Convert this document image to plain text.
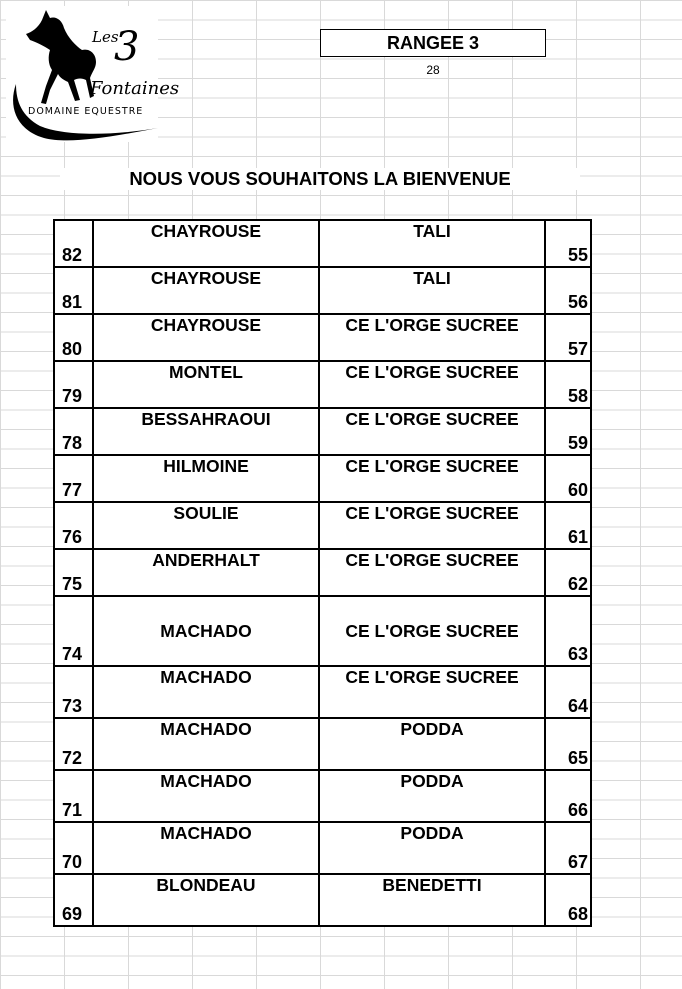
Les
3
Fontaines
DOMAINE EQUESTRE
RANGEE 3
28
NOUS VOUS SOUHAITONS LA BIENVENUE
82	CHAYROUSE	TALI	55
81	CHAYROUSE	TALI	56
80	CHAYROUSE	CE L'ORGE SUCREE	57
79	MONTEL	CE L'ORGE SUCREE	58
78	BESSAHRAOUI	CE L'ORGE SUCREE	59
77	HILMOINE	CE L'ORGE SUCREE	60
76	SOULIE	CE L'ORGE SUCREE	61
75	ANDERHALT	CE L'ORGE SUCREE	62
74	MACHADO	CE L'ORGE SUCREE	63
73	MACHADO	CE L'ORGE SUCREE	64
72	MACHADO	PODDA	65
71	MACHADO	PODDA	66
70	MACHADO	PODDA	67
69	BLONDEAU	BENEDETTI	68
